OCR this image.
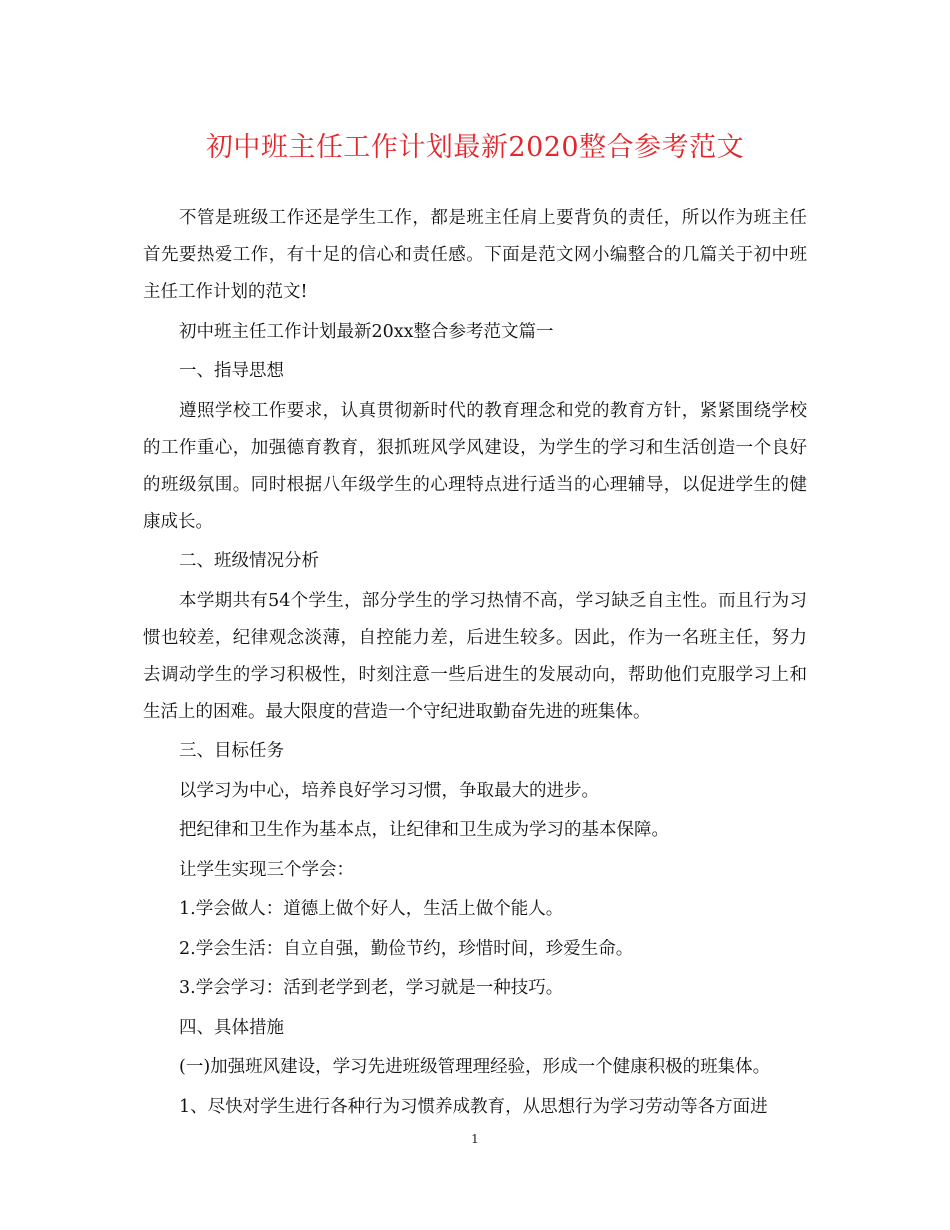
初中班主任工作计划最新2020整合参考范文

不管是班级工作还是学生工作，都是班主任肩上要背负的责任，所以作为班主任首先要热爱工作，有十足的信心和责任感。下面是范文网小编整合的几篇关于初中班主任工作计划的范文!

初中班主任工作计划最新20xx整合参考范文篇一

一、指导思想

遵照学校工作要求，认真贯彻新时代的教育理念和党的教育方针，紧紧围绕学校的工作重心，加强德育教育，狠抓班风学风建设，为学生的学习和生活创造一个良好的班级氛围。同时根据八年级学生的心理特点进行适当的心理辅导，以促进学生的健康成长。

二、班级情况分析

本学期共有54个学生，部分学生的学习热情不高，学习缺乏自主性。而且行为习惯也较差，纪律观念淡薄，自控能力差，后进生较多。因此，作为一名班主任，努力去调动学生的学习积极性，时刻注意一些后进生的发展动向，帮助他们克服学习上和生活上的困难。最大限度的营造一个守纪进取勤奋先进的班集体。

三、目标任务

以学习为中心，培养良好学习习惯，争取最大的进步。

把纪律和卫生作为基本点，让纪律和卫生成为学习的基本保障。

让学生实现三个学会：

1.学会做人：道德上做个好人，生活上做个能人。

2.学会生活：自立自强，勤俭节约，珍惜时间，珍爱生命。

3.学会学习：活到老学到老，学习就是一种技巧。

四、具体措施

(一)加强班风建设，学习先进班级管理理经验，形成一个健康积极的班集体。

1、尽快对学生进行各种行为习惯养成教育，从思想行为学习劳动等各方面进

1
